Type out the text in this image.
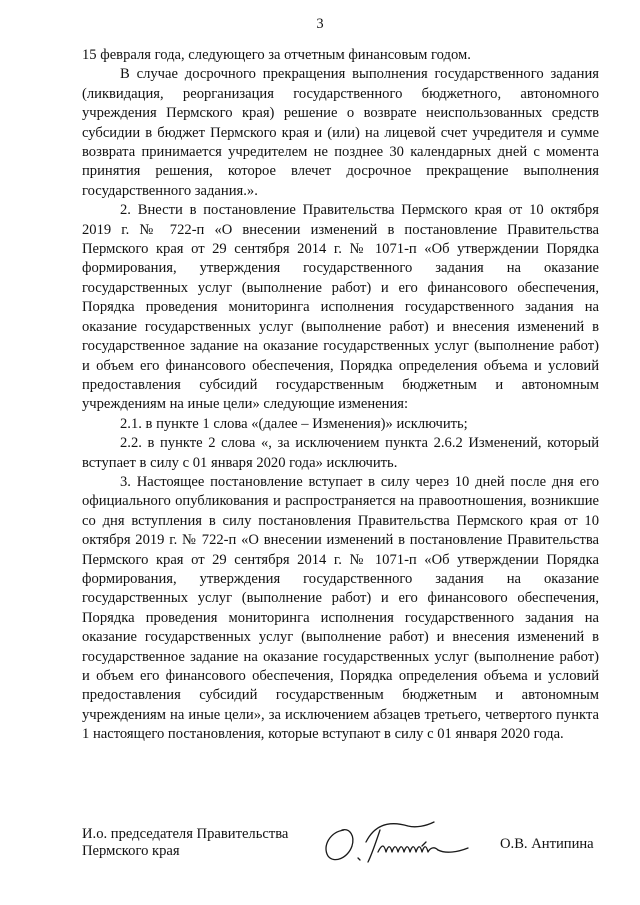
3

15 февраля года, следующего за отчетным финансовым годом.

В случае досрочного прекращения выполнения государственного задания (ликвидация, реорганизация государственного бюджетного, автономного учреждения Пермского края) решение о возврате неиспользованных средств субсидии в бюджет Пермского края и (или) на лицевой счет учредителя и сумме возврата принимается учредителем не позднее 30 календарных дней с момента принятия решения, которое влечет досрочное прекращение выполнения государственного задания.».

2. Внести в постановление Правительства Пермского края от 10 октября 2019 г. № 722-п «О внесении изменений в постановление Правительства Пермского края от 29 сентября 2014 г. № 1071-п «Об утверждении Порядка формирования, утверждения государственного задания на оказание государственных услуг (выполнение работ) и его финансового обеспечения, Порядка проведения мониторинга исполнения государственного задания на оказание государственных услуг (выполнение работ) и внесения изменений в государственное задание на оказание государственных услуг (выполнение работ) и объем его финансового обеспечения, Порядка определения объема и условий предоставления субсидий государственным бюджетным и автономным учреждениям на иные цели» следующие изменения:

2.1. в пункте 1 слова «(далее – Изменения)» исключить;

2.2. в пункте 2 слова «, за исключением пункта 2.6.2 Изменений, который вступает в силу с 01 января 2020 года» исключить.

3. Настоящее постановление вступает в силу через 10 дней после дня его официального опубликования и распространяется на правоотношения, возникшие со дня вступления в силу постановления Правительства Пермского края от 10 октября 2019 г. № 722-п «О внесении изменений в постановление Правительства Пермского края от 29 сентября 2014 г. № 1071-п «Об утверждении Порядка формирования, утверждения государственного задания на оказание государственных услуг (выполнение работ) и его финансового обеспечения, Порядка проведения мониторинга исполнения государственного задания на оказание государственных услуг (выполнение работ) и внесения изменений в государственное задание на оказание государственных услуг (выполнение работ) и объем его финансового обеспечения, Порядка определения объема и условий предоставления субсидий государственным бюджетным и автономным учреждениям на иные цели», за исключением абзацев третьего, четвертого пункта 1 настоящего постановления, которые вступают в силу с 01 января 2020 года.

И.о. председателя Правительства
Пермского края	О.В. Антипина
